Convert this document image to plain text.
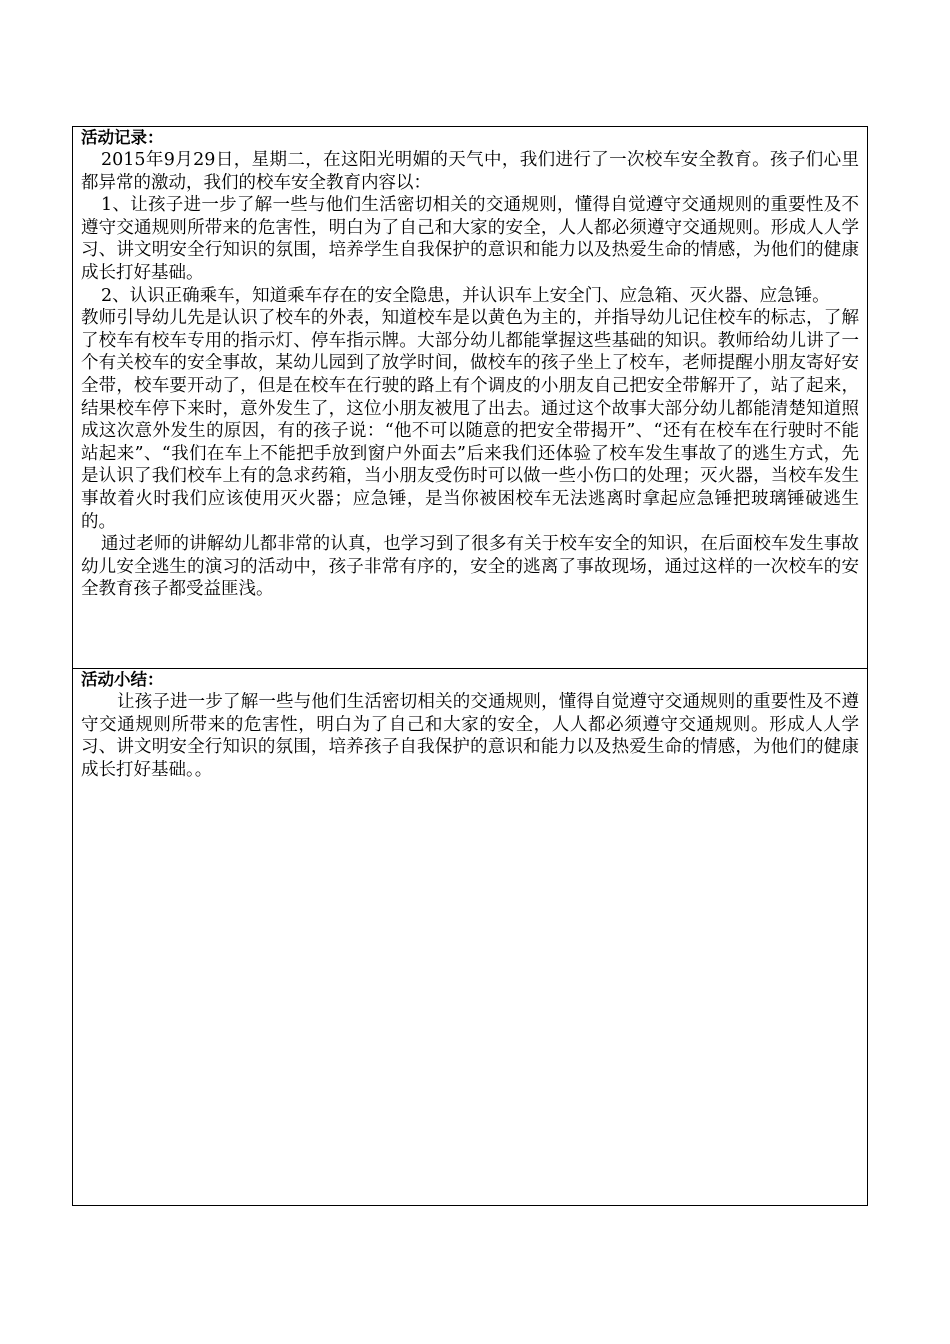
活动记录：

2015年9月29日，星期二，在这阳光明媚的天气中，我们进行了一次校车安全教育。孩子们心里都异常的激动，我们的校车安全教育内容以：

1、让孩子进一步了解一些与他们生活密切相关的交通规则，懂得自觉遵守交通规则的重要性及不遵守交通规则所带来的危害性，明白为了自己和大家的安全，人人都必须遵守交通规则。形成人人学习、讲文明安全行知识的氛围，培养学生自我保护的意识和能力以及热爱生命的情感，为他们的健康成长打好基础。

2、认识正确乘车，知道乘车存在的安全隐患，并认识车上安全门、应急箱、灭火器、应急锤。

教师引导幼儿先是认识了校车的外表，知道校车是以黄色为主的，并指导幼儿记住校车的标志，了解了校车有校车专用的指示灯、停车指示牌。大部分幼儿都能掌握这些基础的知识。教师给幼儿讲了一个有关校车的安全事故，某幼儿园到了放学时间，做校车的孩子坐上了校车，老师提醒小朋友寄好安全带，校车要开动了，但是在校车在行驶的路上有个调皮的小朋友自己把安全带解开了，站了起来，结果校车停下来时，意外发生了，这位小朋友被甩了出去。通过这个故事大部分幼儿都能清楚知道照成这次意外发生的原因，有的孩子说：“他不可以随意的把安全带揭开”、“还有在校车在行驶时不能站起来”、“我们在车上不能把手放到窗户外面去”后来我们还体验了校车发生事故了的逃生方式，先是认识了我们校车上有的急求药箱，当小朋友受伤时可以做一些小伤口的处理；灭火器，当校车发生事故着火时我们应该使用灭火器；应急锤，是当你被困校车无法逃离时拿起应急锤把玻璃锤破逃生的。

通过老师的讲解幼儿都非常的认真，也学习到了很多有关于校车安全的知识，在后面校车发生事故幼儿安全逃生的演习的活动中，孩子非常有序的，安全的逃离了事故现场，通过这样的一次校车的安全教育孩子都受益匪浅。

活动小结：

让孩子进一步了解一些与他们生活密切相关的交通规则，懂得自觉遵守交通规则的重要性及不遵守交通规则所带来的危害性，明白为了自己和大家的安全，人人都必须遵守交通规则。形成人人学习、讲文明安全行知识的氛围，培养孩子自我保护的意识和能力以及热爱生命的情感，为他们的健康成长打好基础。。
